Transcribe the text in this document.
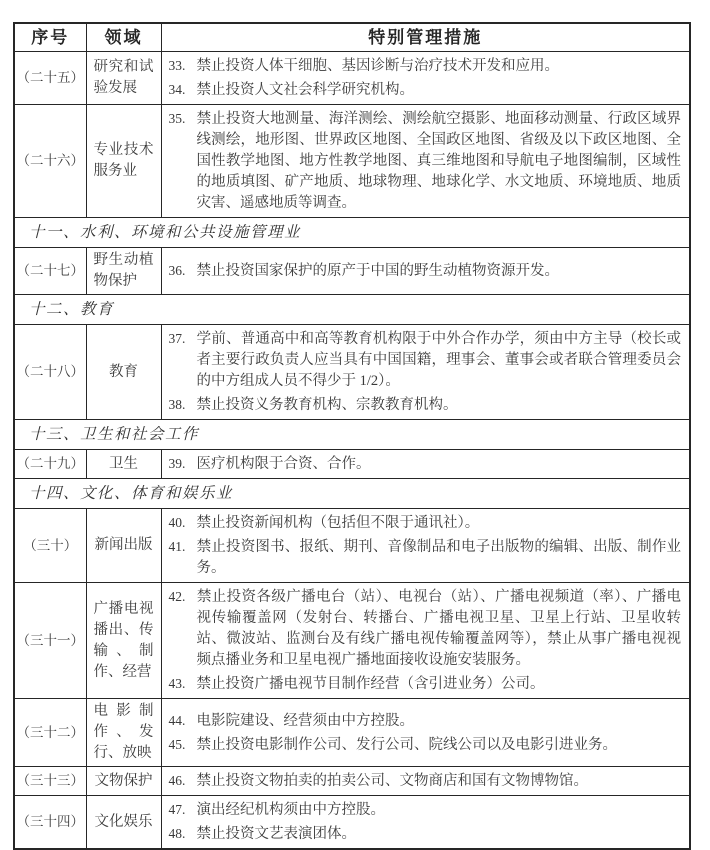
序号	领域	特别管理措施
（二十五）	研究和试验发展	33. 禁止投资人体干细胞、基因诊断与治疗技术开发和应用。
34. 禁止投资人文社会科学研究机构。

（二十六）	专业技术服务业	35. 禁止投资大地测量、海洋测绘、测绘航空摄影、地面移动测量、行政区域界线测绘，地形图、世界政区地图、全国政区地图、省级及以下政区地图、全国性教学地图、地方性教学地图、真三维地图和导航电子地图编制，区域性的地质填图、矿产地质、地球物理、地球化学、水文地质、环境地质、地质灾害、遥感地质等调查。

十一、水利、环境和公共设施管理业		
（二十七）	野生动植物保护	36. 禁止投资国家保护的原产于中国的野生动植物资源开发。

十二、教育		
（二十八）	教育	37. 学前、普通高中和高等教育机构限于中外合作办学，须由中方主导（校长或者主要行政负责人应当具有中国国籍，理事会、董事会或者联合管理委员会的中方组成人员不得少于 1/2）。
38. 禁止投资义务教育机构、宗教教育机构。

十三、卫生和社会工作		
（二十九）	卫生	39. 医疗机构限于合资、合作。

十四、文化、体育和娱乐业		
（三十）	新闻出版	40. 禁止投资新闻机构（包括但不限于通讯社）。
41. 禁止投资图书、报纸、期刊、音像制品和电子出版物的编辑、出版、制作业务。

（三十一）	广播电视播出、传输、制作、经营	42. 禁止投资各级广播电台（站）、电视台（站）、广播电视频道（率）、广播电视传输覆盖网（发射台、转播台、广播电视卫星、卫星上行站、卫星收转站、微波站、监测台及有线广播电视传输覆盖网等），禁止从事广播电视视频点播业务和卫星电视广播地面接收设施安装服务。
43. 禁止投资广播电视节目制作经营（含引进业务）公司。

（三十二）	电影制作、发行、放映	44. 电影院建设、经营须由中方控股。
45. 禁止投资电影制作公司、发行公司、院线公司以及电影引进业务。

（三十三）	文物保护	46. 禁止投资文物拍卖的拍卖公司、文物商店和国有文物博物馆。

（三十四）	文化娱乐	47. 演出经纪机构须由中方控股。
48. 禁止投资文艺表演团体。
